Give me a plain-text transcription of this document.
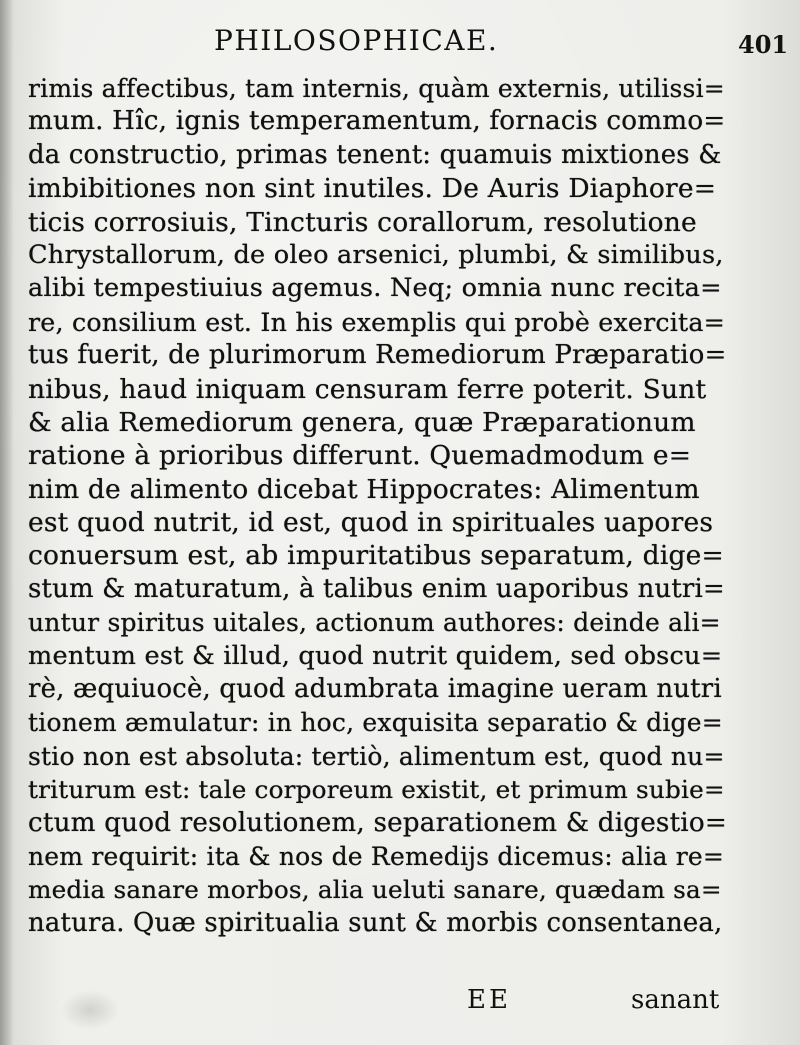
PHILOSOPHICAE.	401
rimis affectibus, tam internis, quàm externis, utilissi=
mum. Hîc, ignis temperamentum, fornacis commo=
da constructio, primas tenent: quamuis mixtiones &
imbibitiones non sint inutiles. De Auris Diaphore=
ticis corrosiuis, Tincturis corallorum, resolutione
Chrystallorum, de oleo arsenici, plumbi, & similibus,
alibi tempestiuius agemus. Neq; omnia nunc recita=
re, consilium est. In his exemplis qui probè exercita=
tus fuerit, de plurimorum Remediorum Præparatio=
nibus, haud iniquam censuram ferre poterit. Sunt
& alia Remediorum genera, quæ Præparationum
ratione à prioribus differunt. Quemadmodum e=
nim de alimento dicebat Hippocrates: Alimentum
est quod nutrit, id est, quod in spirituales uapores
conuersum est, ab impuritatibus separatum, dige=
stum & maturatum, à talibus enim uaporibus nutri=
untur spiritus uitales, actionum authores: deinde ali=
mentum est & illud, quod nutrit quidem, sed obscu=
rè, æquiuocè, quod adumbrata imagine ueram nutri
tionem æmulatur: in hoc, exquisita separatio & dige=
stio non est absoluta: tertiò, alimentum est, quod nu=
triturum est: tale corporeum existit, et primum subie=
ctum quod resolutionem, separationem & digestio=
nem requirit: ita & nos de Remedijs dicemus: alia re=
media sanare morbos, alia ueluti sanare, quædam sa=
natura. Quæ spiritualia sunt & morbis consentanea,
EE	sanant
